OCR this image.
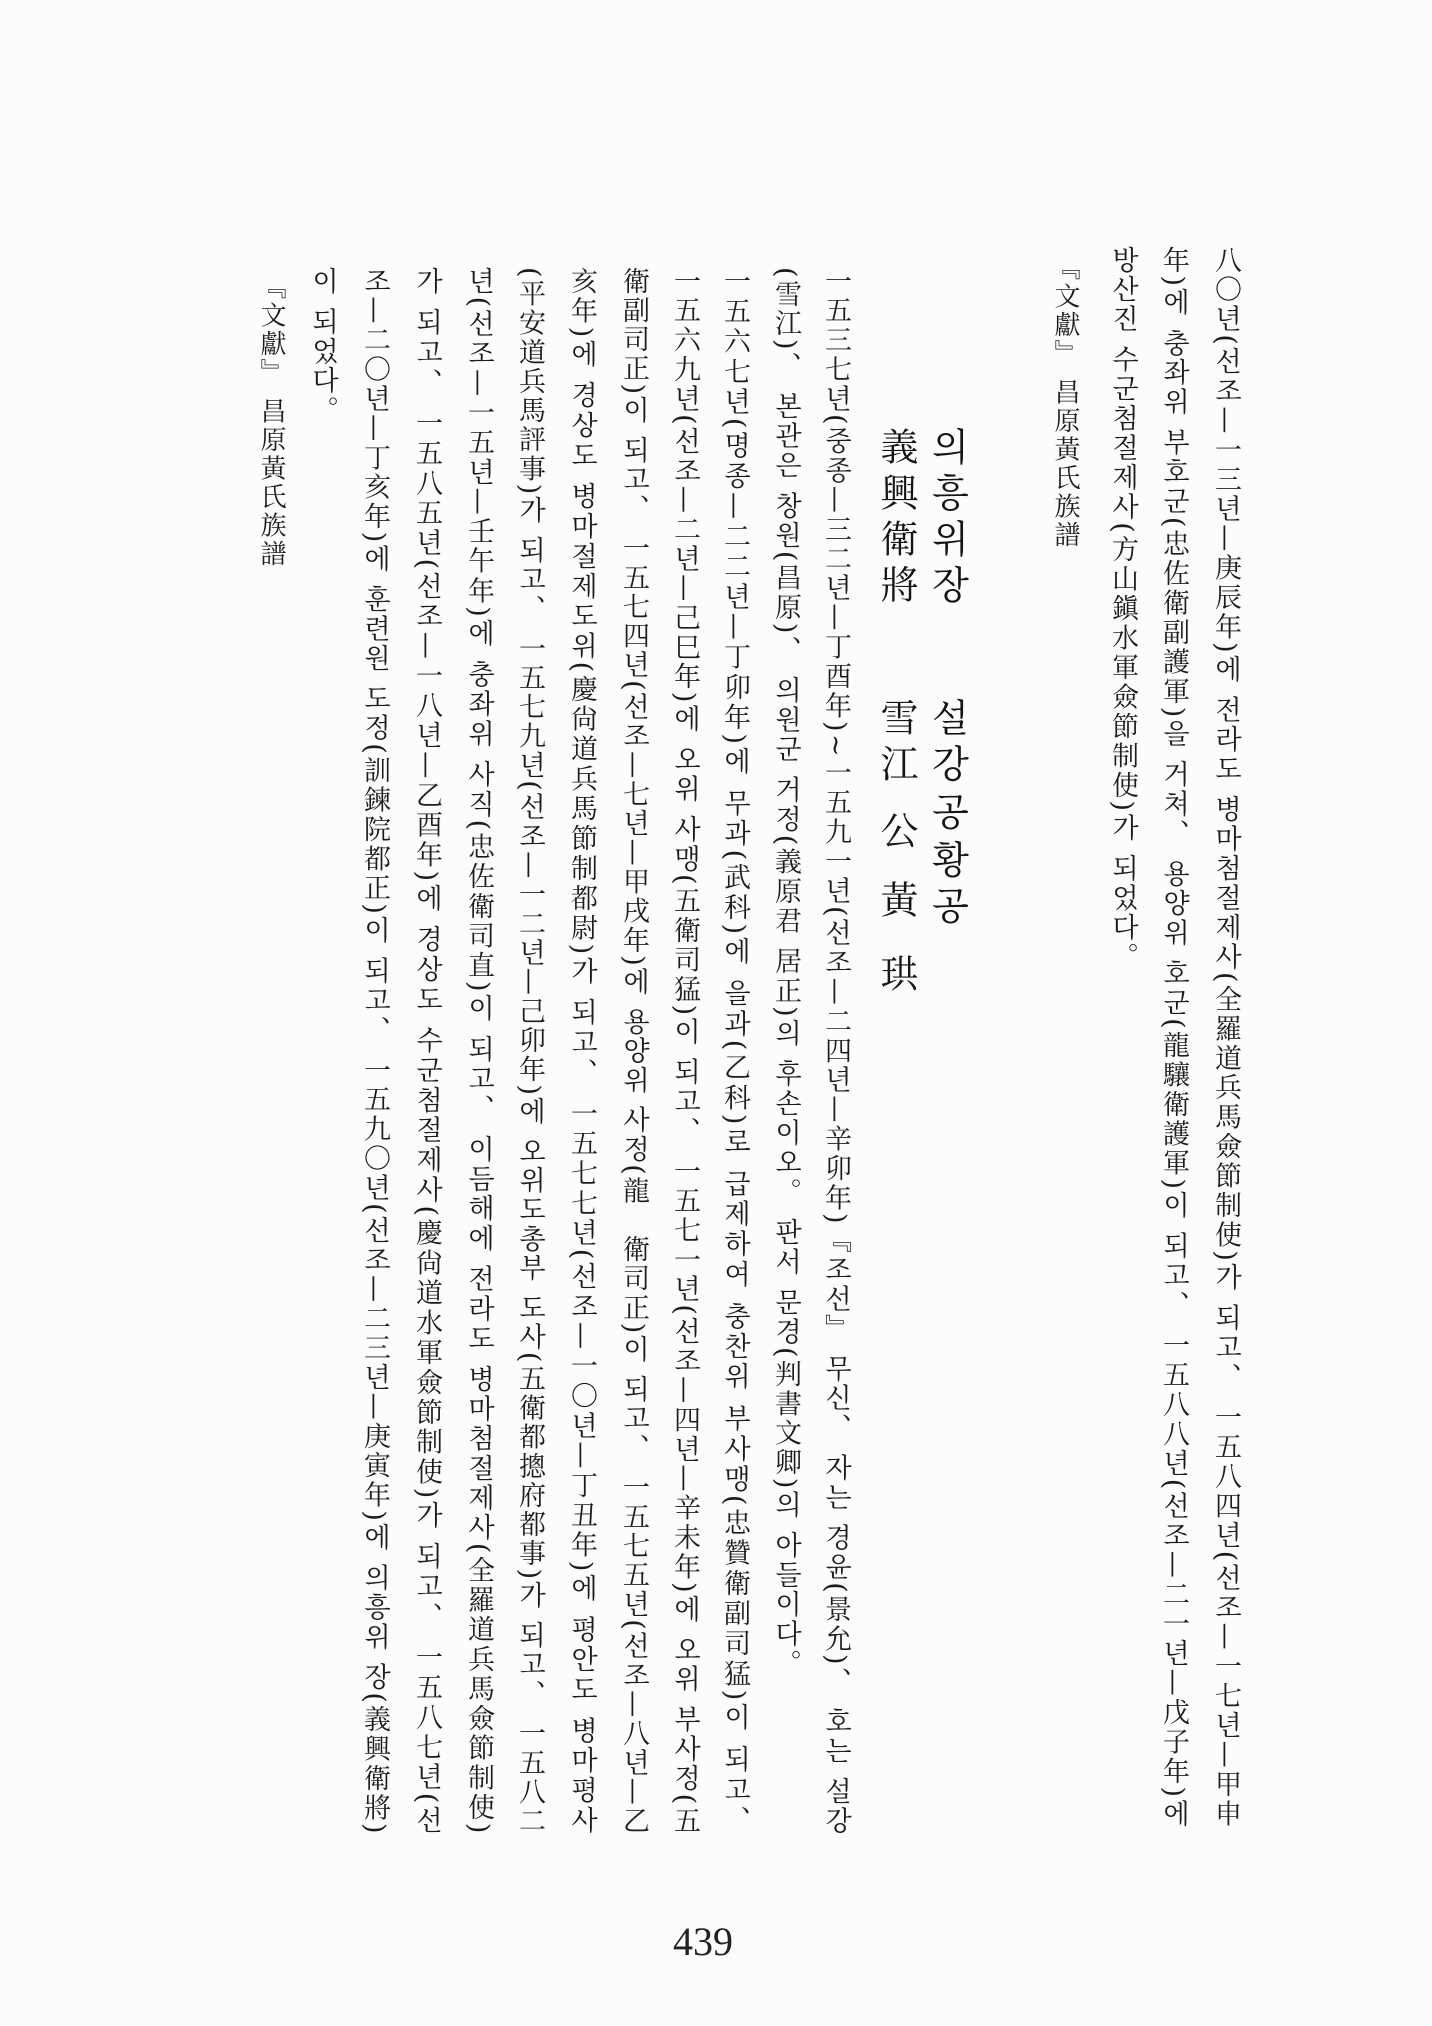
八〇년(선조—一三년—庚辰年)에 전라도 병마첨절제사(全羅道兵馬僉節制使)가 되고、 一五八四년(선조—一七년—甲申
年)에 충좌위 부호군(忠佐衛副護軍)을 거쳐、 용양위 호군(龍驤衛護軍)이 되고、 一五八八년(선조—二一년—戊子年)에
방산진 수군첨절제사(方山鎭水軍僉節制使)가 되었다。
『文獻』 昌原黃氏族譜
의흥위장
설강
공
황공
義興衛將
雪江
公
黃
珙
一五三七년(중종—三二년—丁酉年)~一五九一년(선조—二四년—辛卯年)『조선』 무신、 자는 경윤(景允)、 호는 설강
(雪江)、 본관은 창원(昌原)、 의원군 거정(義原君 居正)의 후손이오。 판서 문경(判書文卿)의 아들이다。
一五六七년(명종—二二년—丁卯年)에 무과(武科)에 을과(乙科)로 급제하여 충찬위 부사맹(忠贊衛副司猛)이 되고、
一五六九년(선조—二년—己巳年)에 오위 사맹(五衛司猛)이 되고、 一五七一년(선조—四년—辛未年)에 오위 부사정(五
衛副司正)이 되고、 一五七四년(선조—七년—甲戌年)에 용양위 사정(龍　衛司正)이 되고、 一五七五년(선조—八년—乙
亥年)에 경상도 병마절제도위(慶尙道兵馬節制都尉)가 되고、 一五七七년(선조—一〇년—丁丑年)에 평안도 병마평사
(平安道兵馬評事)가 되고、 一五七九년(선조—一二년—己卯年)에 오위도총부 도사(五衛都摠府都事)가 되고、 一五八二
년(선조—一五년—壬午年)에 충좌위 사직(忠佐衛司直)이 되고、 이듬해에 전라도 병마첨절제사(全羅道兵馬僉節制使)
가 되고、 一五八五년(선조—一八년—乙酉年)에 경상도 수군첨절제사(慶尙道水軍僉節制使)가 되고、 一五八七년(선
조—二〇년—丁亥年)에 훈련원 도정(訓鍊院都正)이 되고、 一五九〇년(선조—二三년—庚寅年)에 의흥위 장(義興衛將)
이 되었다。
『文獻』 昌原黃氏族譜
439
